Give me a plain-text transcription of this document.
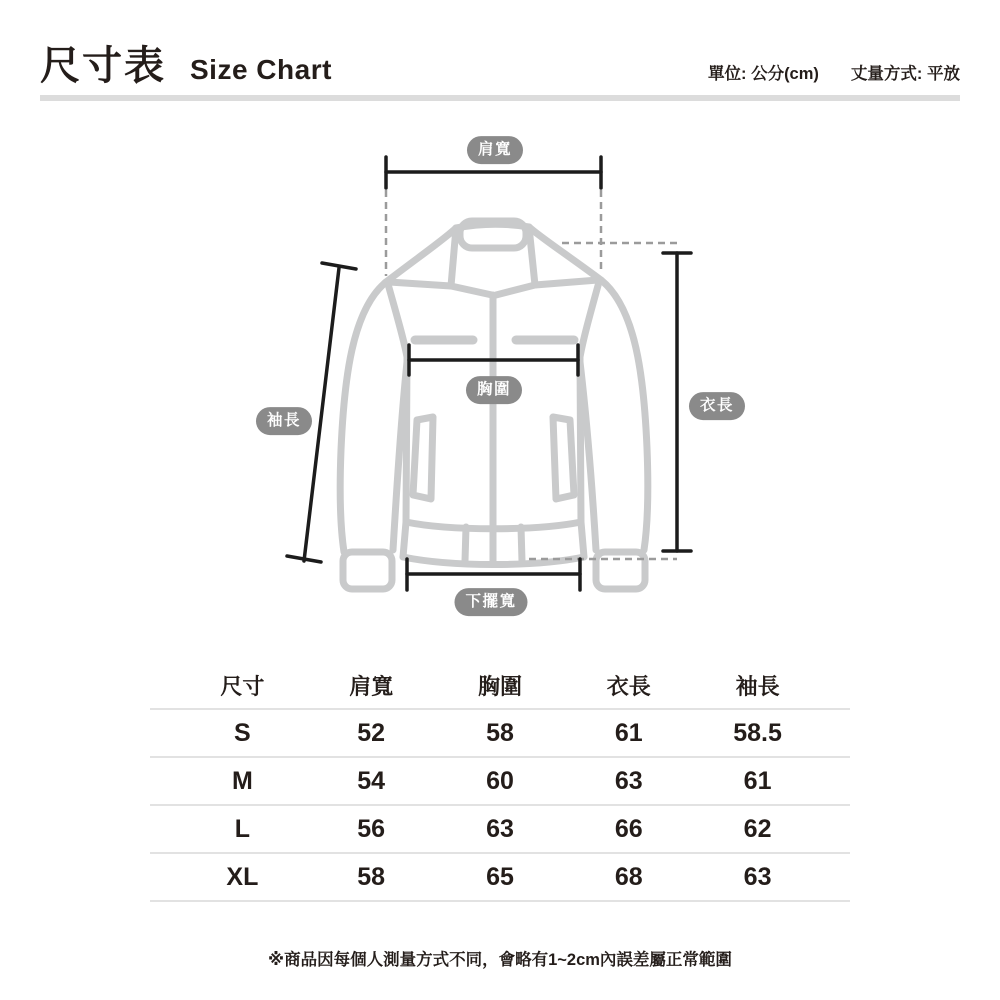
尺寸表 Size Chart	單位: 公分(cm) 丈量方式: 平放
肩寬
胸圍
袖長
衣長
下擺寬
尺寸	肩寬	胸圍	衣長	袖長
S	52	58	61	58.5
M	54	60	63	61
L	56	63	66	62
XL	58	65	68	63

※商品因每個人測量方式不同，會略有1~2cm內誤差屬正常範圍
